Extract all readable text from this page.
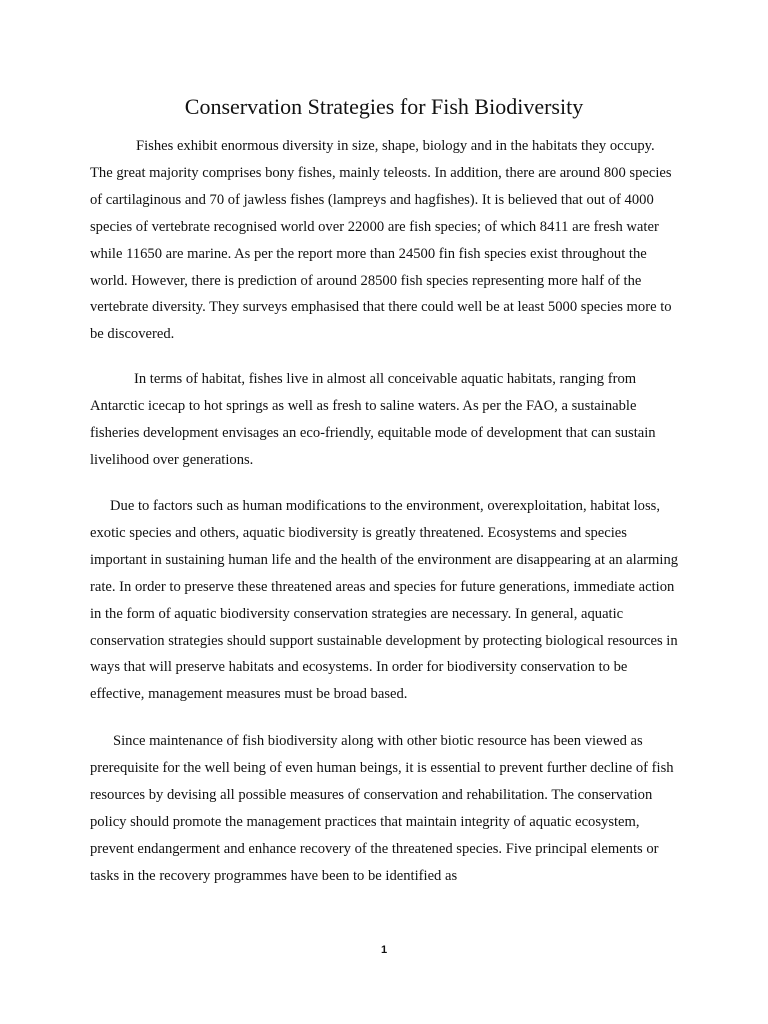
Conservation Strategies for Fish Biodiversity

Fishes exhibit enormous diversity in size, shape, biology and in the habitats they occupy. The great majority comprises bony fishes, mainly teleosts. In addition, there are around 800 species of cartilaginous and 70 of jawless fishes (lampreys and hagfishes). It is believed that out of 4000 species of vertebrate recognised world over 22000 are fish species; of which 8411 are fresh water while 11650 are marine. As per the report more than 24500 fin fish species exist throughout the world. However, there is prediction of around 28500 fish species representing more half of the vertebrate diversity. They surveys emphasised that there could well be at least 5000 species more to be discovered.

In terms of habitat, fishes live in almost all conceivable aquatic habitats, ranging from Antarctic icecap to hot springs as well as fresh to saline waters. As per the FAO, a sustainable fisheries development envisages an eco-friendly, equitable mode of development that can sustain livelihood over generations.

Due to factors such as human modifications to the environment, overexploitation, habitat loss, exotic species and others, aquatic biodiversity is greatly threatened. Ecosystems and species important in sustaining human life and the health of the environment are disappearing at an alarming rate. In order to preserve these threatened areas and species for future generations, immediate action in the form of aquatic biodiversity conservation strategies are necessary. In general, aquatic conservation strategies should support sustainable development by protecting biological resources in ways that will preserve habitats and ecosystems. In order for biodiversity conservation to be effective, management measures must be broad based.

Since maintenance of fish biodiversity along with other biotic resource has been viewed as prerequisite for the well being of even human beings, it is essential to prevent further decline of fish resources by devising all possible measures of conservation and rehabilitation. The conservation policy should promote the management practices that maintain integrity of aquatic ecosystem, prevent endangerment and enhance recovery of the threatened species. Five principal elements or tasks in the recovery programmes have been to be identified as

1
